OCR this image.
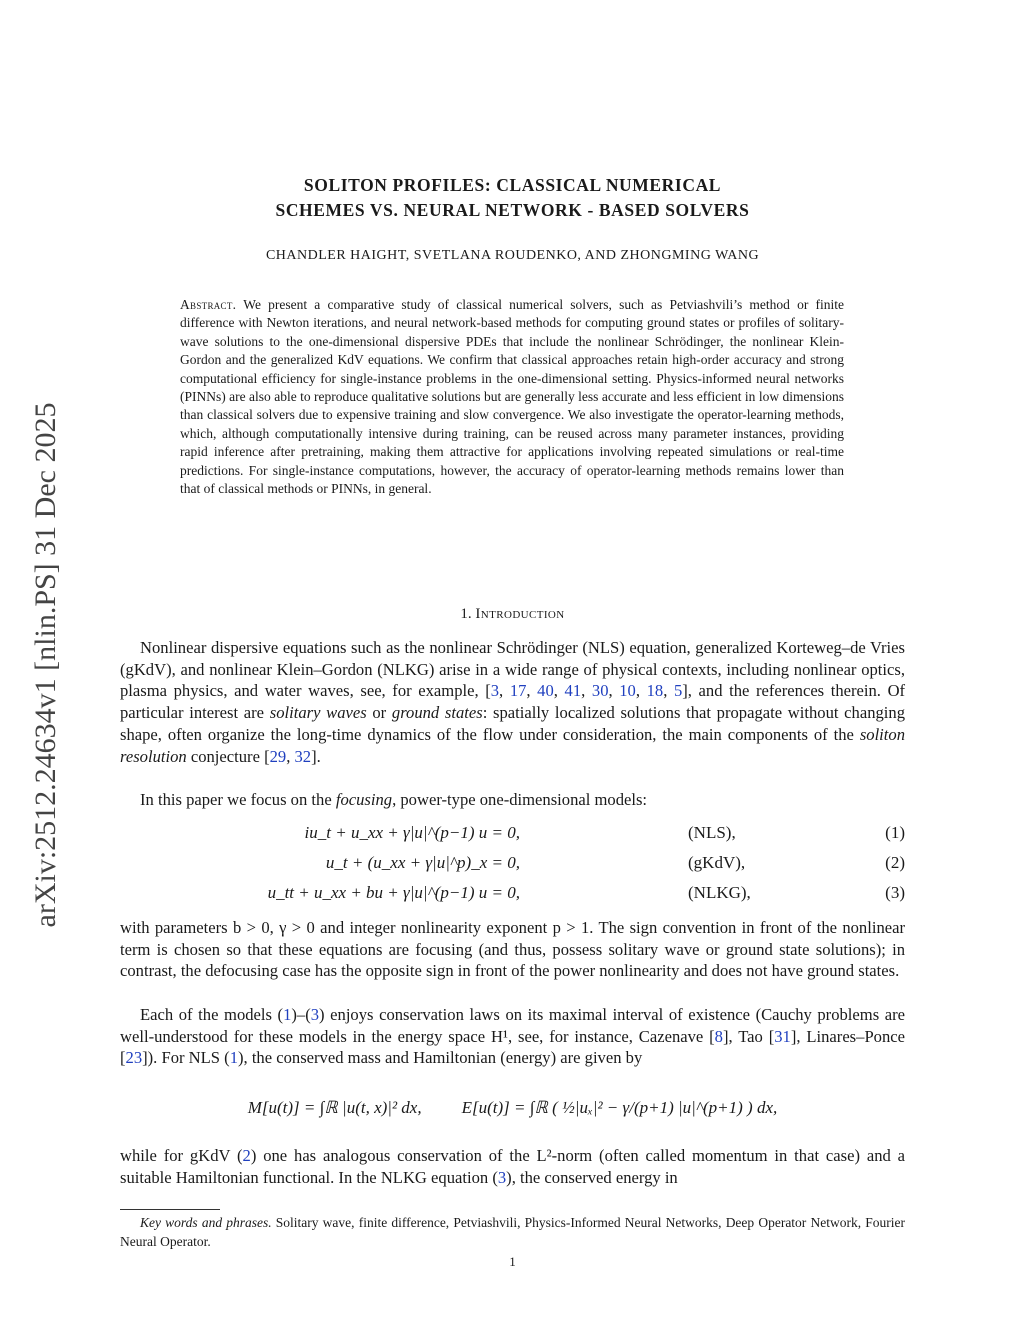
arXiv:2512.24634v1 [nlin.PS] 31 Dec 2025
SOLITON PROFILES: CLASSICAL NUMERICAL
SCHEMES VS. NEURAL NETWORK - BASED SOLVERS
CHANDLER HAIGHT, SVETLANA ROUDENKO, AND ZHONGMING WANG
Abstract. We present a comparative study of classical numerical solvers, such as Petviashvili’s method or finite difference with Newton iterations, and neural network-based methods for computing ground states or profiles of solitary-wave solutions to the one-dimensional dispersive PDEs that include the nonlinear Schrödinger, the nonlinear Klein-Gordon and the generalized KdV equations. We confirm that classical approaches retain high-order accuracy and strong computational efficiency for single-instance problems in the one-dimensional setting. Physics-informed neural networks (PINNs) are also able to reproduce qualitative solutions but are generally less accurate and less efficient in low dimensions than classical solvers due to expensive training and slow convergence. We also investigate the operator-learning methods, which, although computationally intensive during training, can be reused across many parameter instances, providing rapid inference after pretraining, making them attractive for applications involving repeated simulations or real-time predictions. For single-instance computations, however, the accuracy of operator-learning methods remains lower than that of classical methods or PINNs, in general.
1. Introduction
Nonlinear dispersive equations such as the nonlinear Schrödinger (NLS) equation, generalized Korteweg–de Vries (gKdV), and nonlinear Klein–Gordon (NLKG) arise in a wide range of physical contexts, including nonlinear optics, plasma physics, and water waves, see, for example, [3, 17, 40, 41, 30, 10, 18, 5], and the references therein. Of particular interest are solitary waves or ground states: spatially localized solutions that propagate without changing shape, often organize the long-time dynamics of the flow under consideration, the main components of the soliton resolution conjecture [29, 32].
In this paper we focus on the focusing, power-type one-dimensional models:
iu_t + u_xx + γ|u|^(p−1) u = 0,	(NLS),	(1)
u_t + (u_xx + γ|u|^p)_x = 0,	(gKdV),	(2)
u_tt + u_xx + bu + γ|u|^(p−1) u = 0,	(NLKG),	(3)
with parameters b > 0, γ > 0 and integer nonlinearity exponent p > 1. The sign convention in front of the nonlinear term is chosen so that these equations are focusing (and thus, possess solitary wave or ground state solutions); in contrast, the defocusing case has the opposite sign in front of the power nonlinearity and does not have ground states.
Each of the models (1)–(3) enjoys conservation laws on its maximal interval of existence (Cauchy problems are well-understood for these models in the energy space H¹, see, for instance, Cazenave [8], Tao [31], Linares–Ponce [23]). For NLS (1), the conserved mass and Hamiltonian (energy) are given by
M[u(t)] = ∫ℝ |u(t, x)|² dx, E[u(t)] = ∫ℝ ( ½|uₓ|² − γ/(p+1) |u|^(p+1) ) dx,
while for gKdV (2) one has analogous conservation of the L²-norm (often called momentum in that case) and a suitable Hamiltonian functional. In the NLKG equation (3), the conserved energy in
Key words and phrases. Solitary wave, finite difference, Petviashvili, Physics-Informed Neural Networks, Deep Operator Network, Fourier Neural Operator.
1
